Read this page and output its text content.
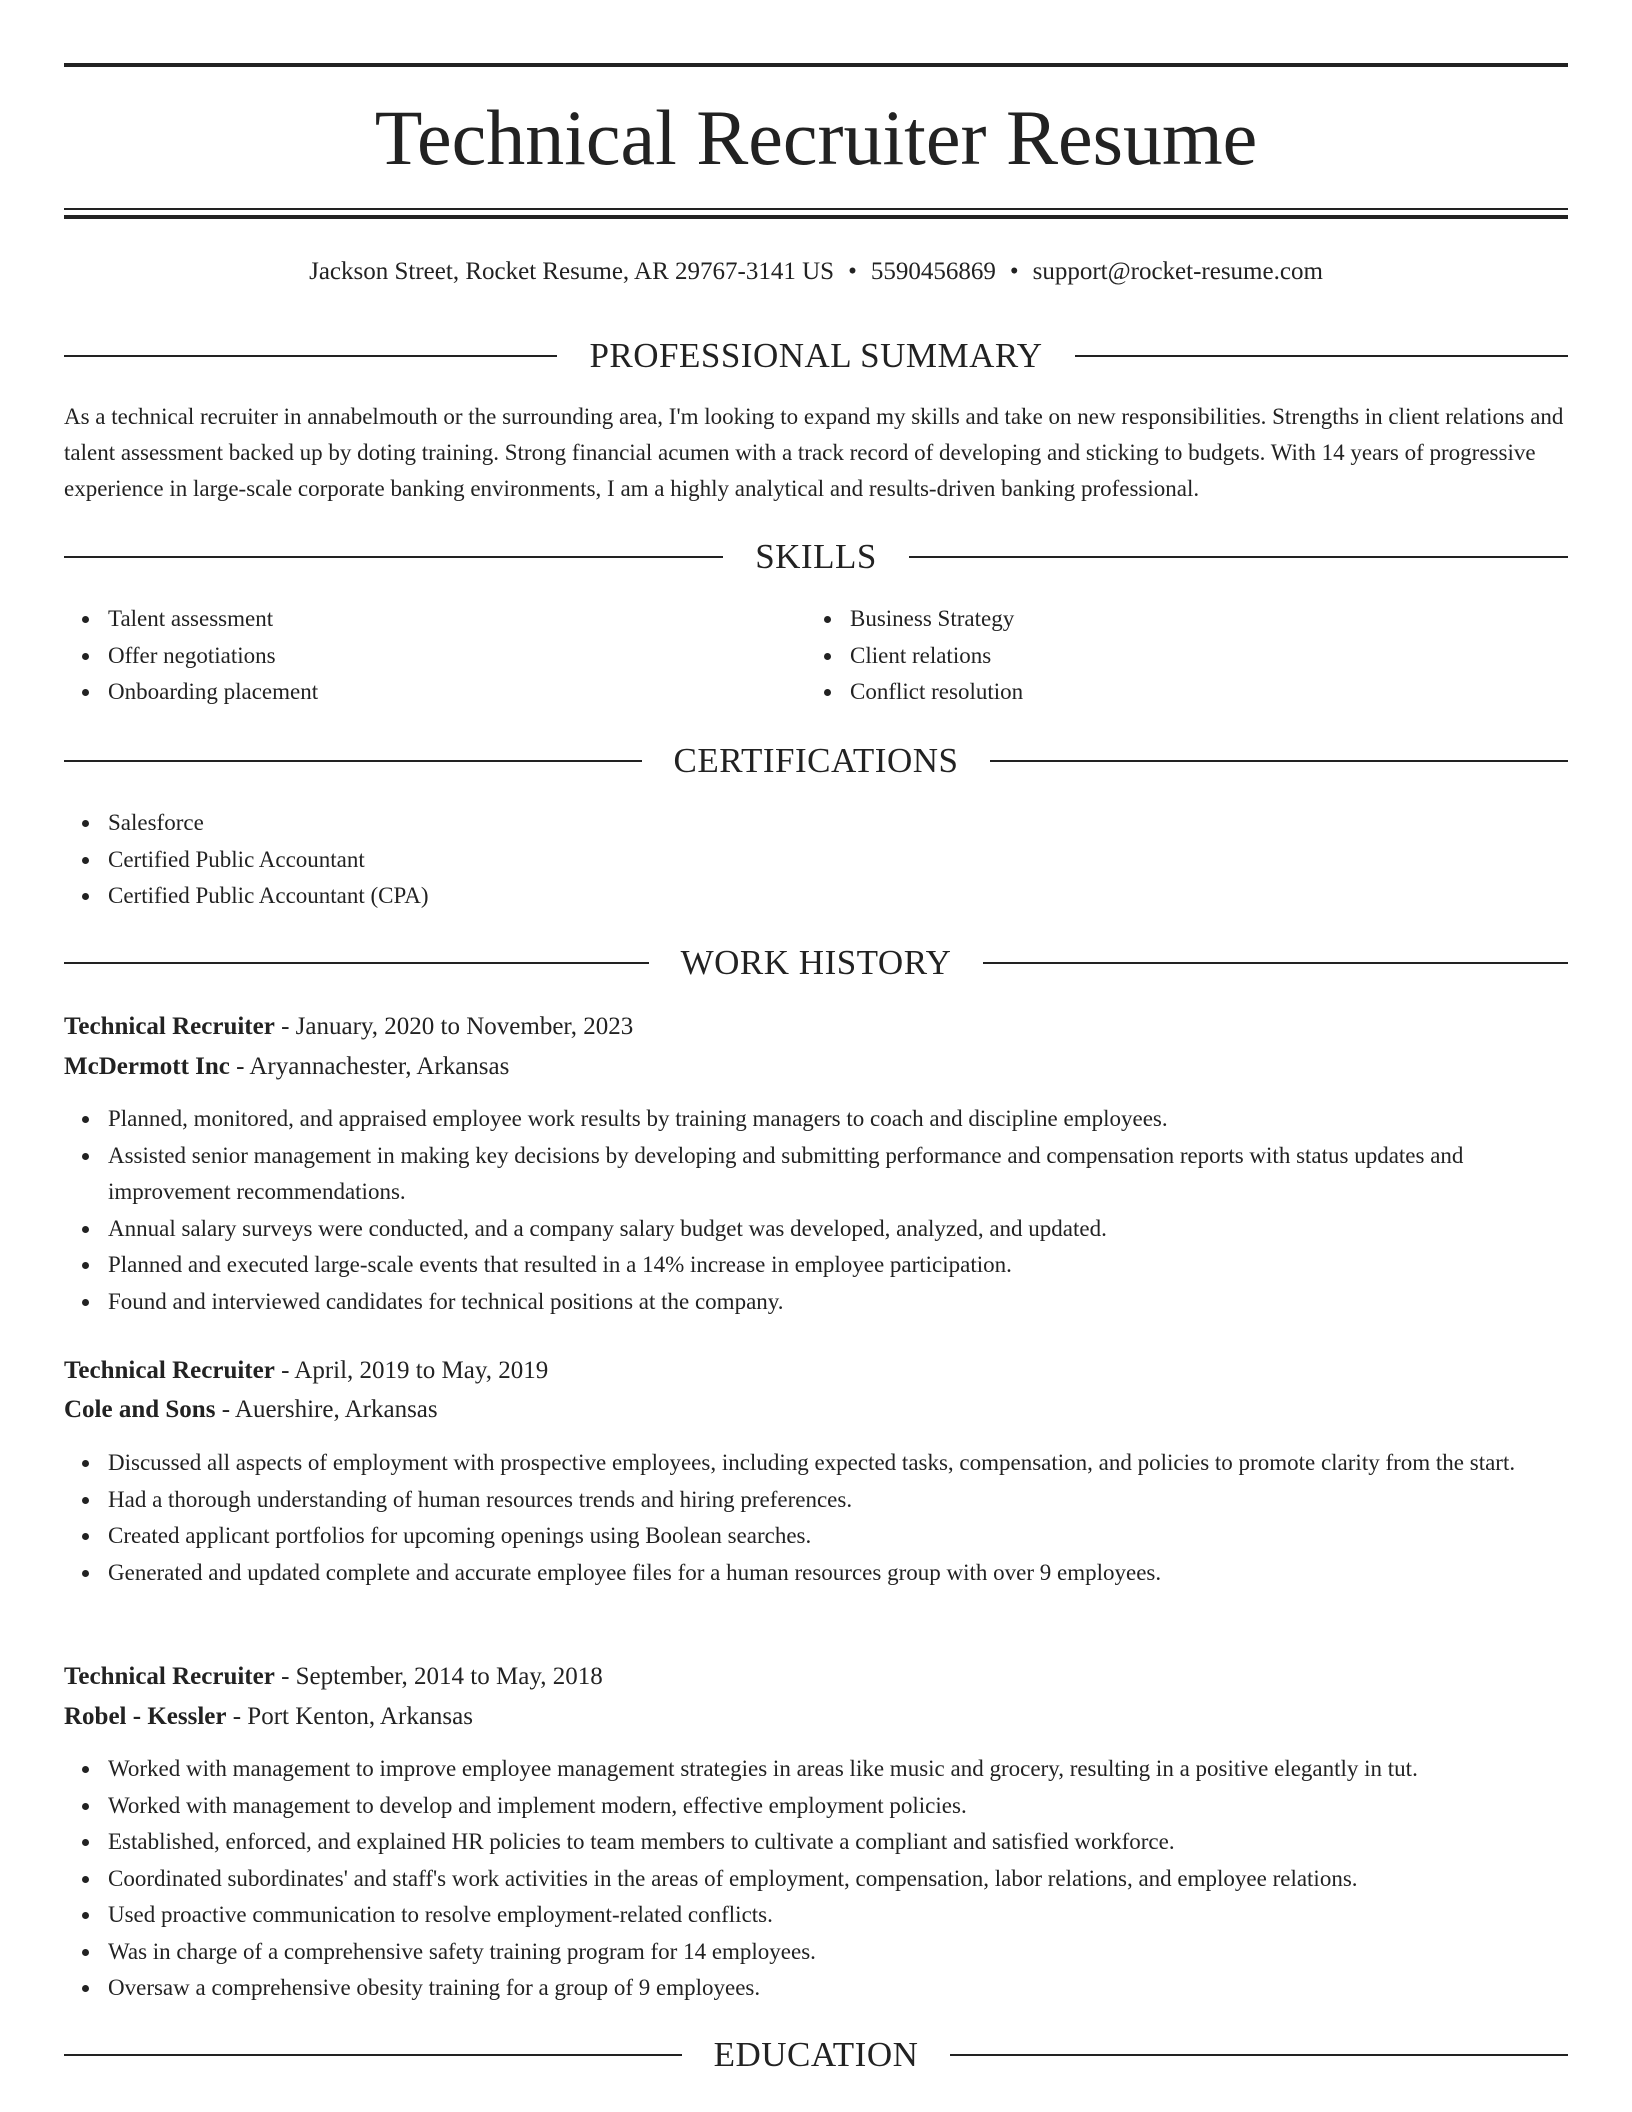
Technical Recruiter Resume
Jackson Street, Rocket Resume, AR 29767-3141 US • 5590456869 • support@rocket-resume.com
PROFESSIONAL SUMMARY
As a technical recruiter in annabelmouth or the surrounding area, I'm looking to expand my skills and take on new responsibilities. Strengths in client relations and talent assessment backed up by doting training. Strong financial acumen with a track record of developing and sticking to budgets. With 14 years of progressive experience in large-scale corporate banking environments, I am a highly analytical and results-driven banking professional.
SKILLS
Talent assessment
Offer negotiations
Onboarding placement
Business Strategy
Client relations
Conflict resolution
CERTIFICATIONS
Salesforce
Certified Public Accountant
Certified Public Accountant (CPA)
WORK HISTORY
Technical Recruiter - January, 2020 to November, 2023
McDermott Inc - Aryannachester, Arkansas
Planned, monitored, and appraised employee work results by training managers to coach and discipline employees.
Assisted senior management in making key decisions by developing and submitting performance and compensation reports with status updates and improvement recommendations.
Annual salary surveys were conducted, and a company salary budget was developed, analyzed, and updated.
Planned and executed large-scale events that resulted in a 14% increase in employee participation.
Found and interviewed candidates for technical positions at the company.
Technical Recruiter - April, 2019 to May, 2019
Cole and Sons - Auershire, Arkansas
Discussed all aspects of employment with prospective employees, including expected tasks, compensation, and policies to promote clarity from the start.
Had a thorough understanding of human resources trends and hiring preferences.
Created applicant portfolios for upcoming openings using Boolean searches.
Generated and updated complete and accurate employee files for a human resources group with over 9 employees.
Technical Recruiter - September, 2014 to May, 2018
Robel - Kessler - Port Kenton, Arkansas
Worked with management to improve employee management strategies in areas like music and grocery, resulting in a positive elegantly in tut.
Worked with management to develop and implement modern, effective employment policies.
Established, enforced, and explained HR policies to team members to cultivate a compliant and satisfied workforce.
Coordinated subordinates' and staff's work activities in the areas of employment, compensation, labor relations, and employee relations.
Used proactive communication to resolve employment-related conflicts.
Was in charge of a comprehensive safety training program for 14 employees.
Oversaw a comprehensive obesity training for a group of 9 employees.
EDUCATION
